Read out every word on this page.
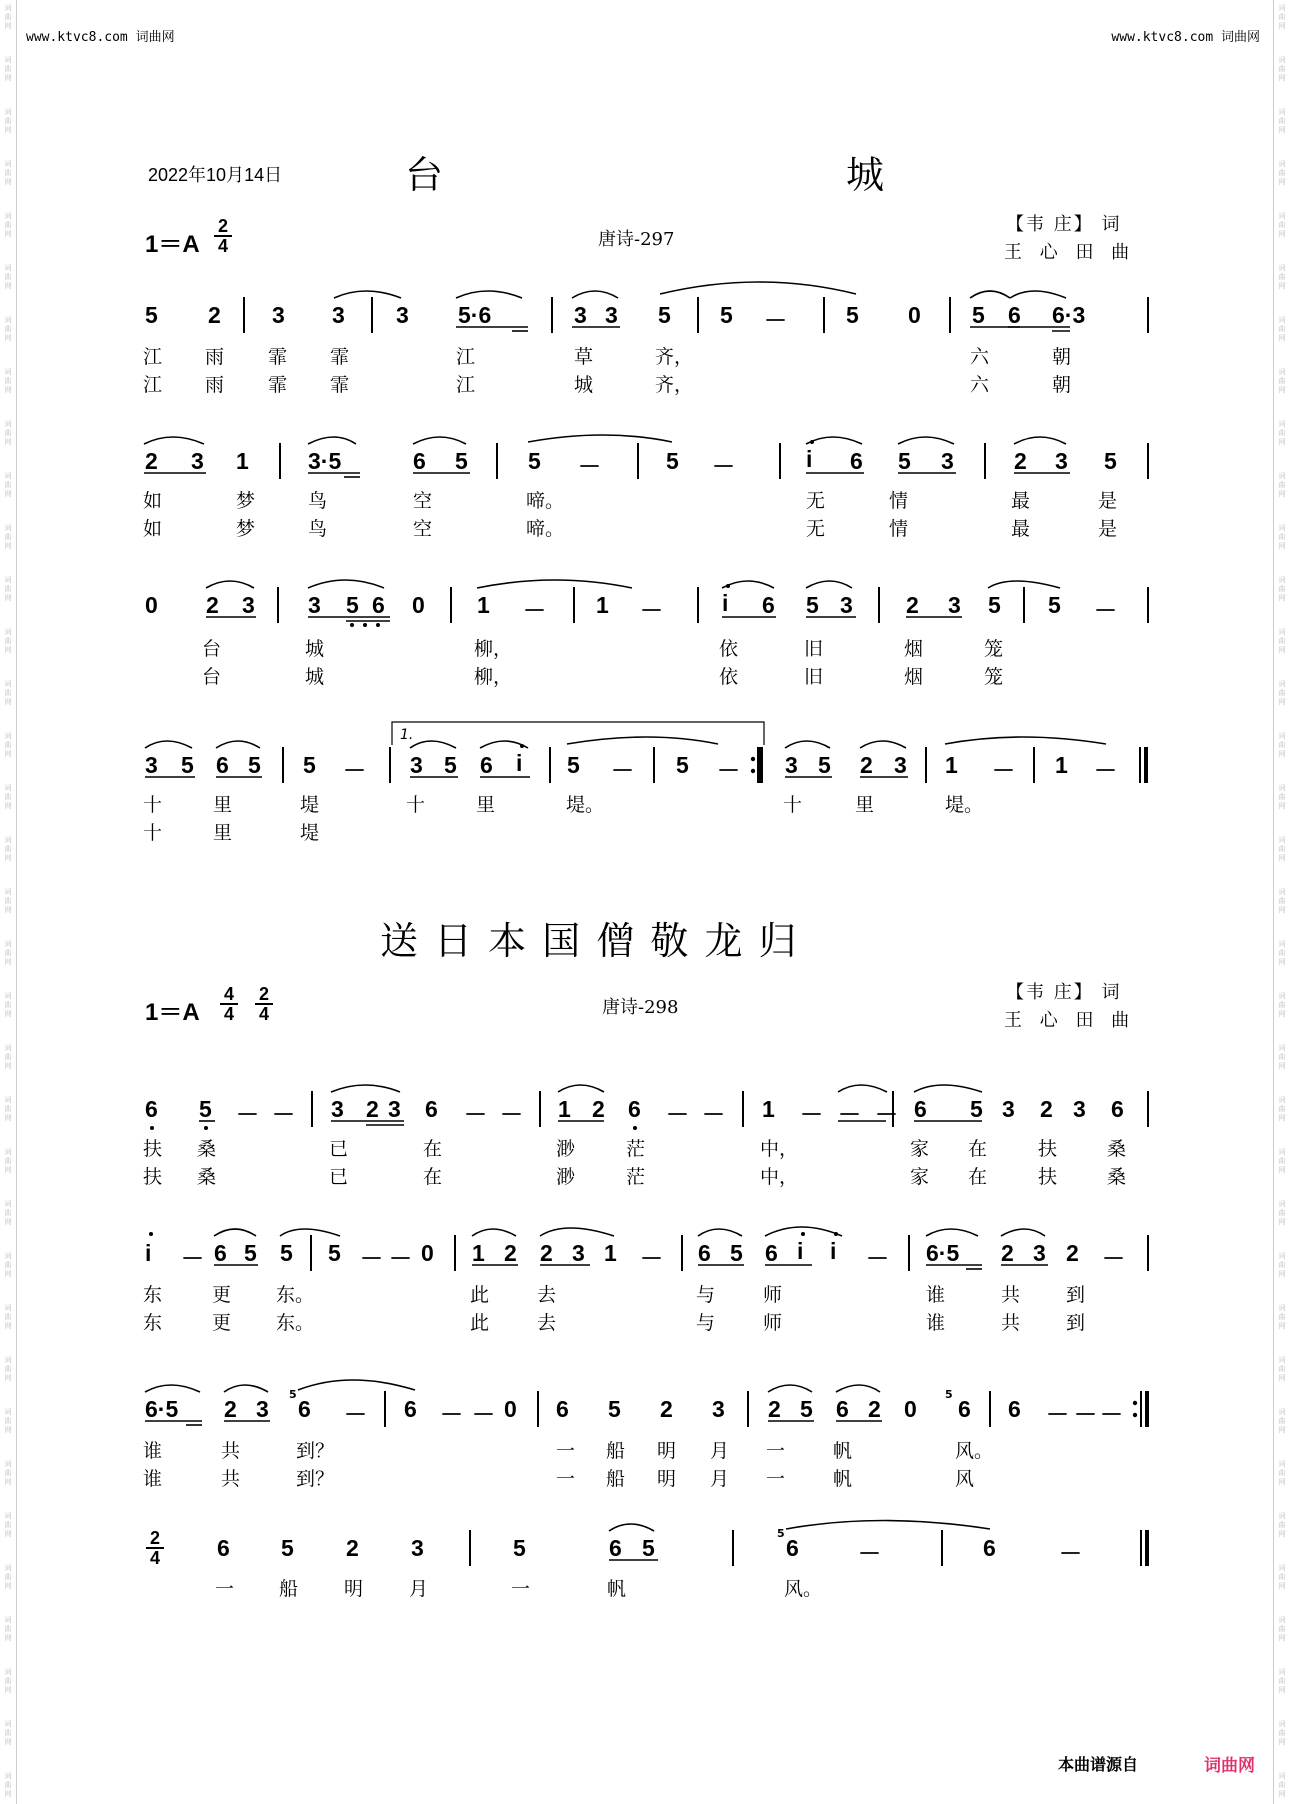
词
曲
网
词
曲
网
词
曲
网
词
曲
网
词
曲
网
词
曲
网
词
曲
网
词
曲
网
词
曲
网
词
曲
网
词
曲
网
词
曲
网
词
曲
网
词
曲
网
词
曲
网
词
曲
网
词
曲
网
词
曲
网
词
曲
网
词
曲
网
词
曲
网
词
曲
网
词
曲
网
词
曲
网
词
曲
网
词
曲
网
词
曲
网
词
曲
网
词
曲
网
词
曲
网
词
曲
网
词
曲
网
词
曲
网
词
曲
网
词
曲
网
词
曲
网
词
曲
网
词
曲
网
词
曲
网
词
曲
网
词
曲
网
词
曲
网
词
曲
网
词
曲
网
词
曲
网
词
曲
网
词
曲
网
词
曲
网
词
曲
网
词
曲
网
词
曲
网
词
曲
网
词
曲
网
词
曲
网
词
曲
网
词
曲
网
词
曲
网
词
曲
网
词
曲
网
词
曲
网
词
曲
网
词
曲
网
词
曲
网
词
曲
网
词
曲
网
词
曲
网
词
曲
网
词
曲
网
词
曲
网
词
曲
网
www.ktvc8.com 词曲网	www.ktvc8.com 词曲网
2022年10月14日	台	城
1＝A
2
4	唐诗-297
【韦 庄】 词
王 心 田 曲
5 2 3 3 3 5·6	3 3 5 5 －	5 0 5 6 6·3
江 雨 霏 霏	江	草	齐，	六	朝
江 雨 霏 霏	江	城	齐，	六	朝
2 3 1	3·5	6 5	5 －	5 －	i 6 5 3	2 3 5
如	梦	鸟	空	啼。	无	情	最	是
如	梦	鸟	空	啼。	无	情	最	是
0 2 3 3 5 6 0 1 － 1 －	i 6 5 3 2 3 5 5 －
台	城	柳，	依	旧	烟	笼
台	城	柳，	依	旧	烟	笼
3 5 6 5 5 － 3 5 6 i 5 － 5 － 3 5 2 3 1 － 1 －
1.
十	里	堤	十	里	堤。	十	里	堤。
十	里	堤
送 日 本 国 僧 敬 龙 归
1＝A
4
4
2
4	唐诗-298
【韦 庄】 词
王 心 田 曲
6 5 － － 3 2 3 6 － － 1 2 6 － － 1 － － － 6 5 3 2 3 6
扶 桑	已	在	渺	茫	中，	家 在	扶	桑
扶 桑	已	在	渺	茫	中，	家 在	扶	桑
i － 6 5 5 5 － － 0 1 2 2 3 1 － 6 5 6 i i － 6·5 2 3 2 －
东	更 东。	此	去	与	师	谁	共 到
东	更 东。	此	去	与	师	谁	共 到
6·5 2 3 6 － 6 － － 0 6 5 2 3 2 5 6 2 0 6 6 － － －
5	5
谁	共	到？	一 船 明 月 一	帆	风。
谁	共	到？	一 船 明 月 一	帆	风
2
4 6 5 2 3	5	6 5	6	－	6	－
5
一 船 明 月	一	帆	风。
本曲谱源自	词曲网
